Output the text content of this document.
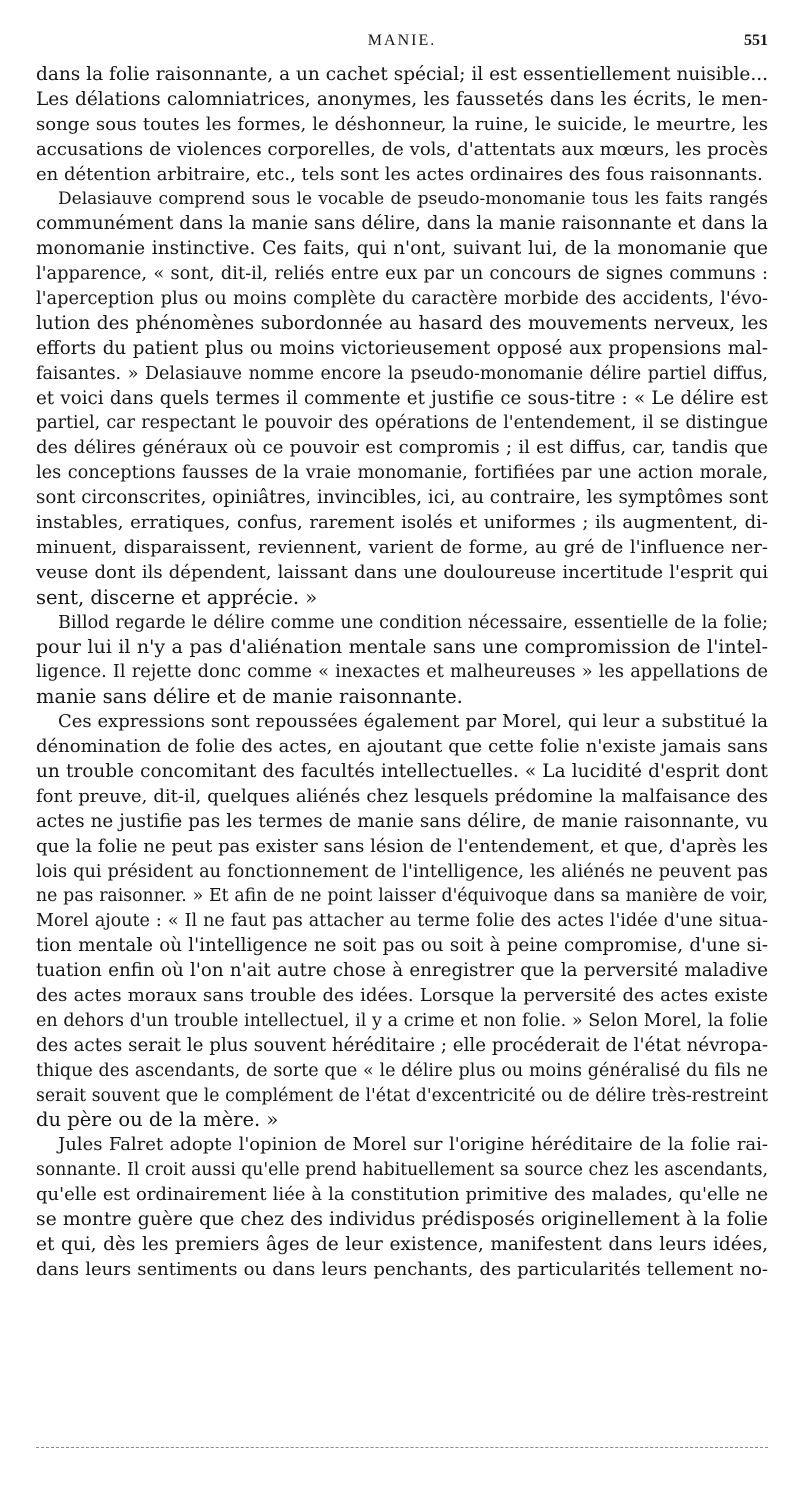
MANIE.	551
dans la folie raisonnante, a un cachet spécial; il est essentiellement nuisible...
Les délations calomniatrices, anonymes, les faussetés dans les écrits, le men-
songe sous toutes les formes, le déshonneur, la ruine, le suicide, le meurtre, les
accusations de violences corporelles, de vols, d'attentats aux mœurs, les procès
en détention arbitraire, etc., tels sont les actes ordinaires des fous raisonnants.
Delasiauve comprend sous le vocable de pseudo-monomanie tous les faits rangés
communément dans la manie sans délire, dans la manie raisonnante et dans la
monomanie instinctive. Ces faits, qui n'ont, suivant lui, de la monomanie que
l'apparence, « sont, dit-il, reliés entre eux par un concours de signes communs :
l'aperception plus ou moins complète du caractère morbide des accidents, l'évo-
lution des phénomènes subordonnée au hasard des mouvements nerveux, les
efforts du patient plus ou moins victorieusement opposé aux propensions mal-
faisantes. » Delasiauve nomme encore la pseudo-monomanie délire partiel diffus,
et voici dans quels termes il commente et justifie ce sous-titre : « Le délire est
partiel, car respectant le pouvoir des opérations de l'entendement, il se distingue
des délires généraux où ce pouvoir est compromis ; il est diffus, car, tandis que
les conceptions fausses de la vraie monomanie, fortifiées par une action morale,
sont circonscrites, opiniâtres, invincibles, ici, au contraire, les symptômes sont
instables, erratiques, confus, rarement isolés et uniformes ; ils augmentent, di-
minuent, disparaissent, reviennent, varient de forme, au gré de l'influence ner-
veuse dont ils dépendent, laissant dans une douloureuse incertitude l'esprit qui
sent, discerne et apprécie. »
Billod regarde le délire comme une condition nécessaire, essentielle de la folie;
pour lui il n'y a pas d'aliénation mentale sans une compromission de l'intel-
ligence. Il rejette donc comme « inexactes et malheureuses » les appellations de
manie sans délire et de manie raisonnante.
Ces expressions sont repoussées également par Morel, qui leur a substitué la
dénomination de folie des actes, en ajoutant que cette folie n'existe jamais sans
un trouble concomitant des facultés intellectuelles. « La lucidité d'esprit dont
font preuve, dit-il, quelques aliénés chez lesquels prédomine la malfaisance des
actes ne justifie pas les termes de manie sans délire, de manie raisonnante, vu
que la folie ne peut pas exister sans lésion de l'entendement, et que, d'après les
lois qui président au fonctionnement de l'intelligence, les aliénés ne peuvent pas
ne pas raisonner. » Et afin de ne point laisser d'équivoque dans sa manière de voir,
Morel ajoute : « Il ne faut pas attacher au terme folie des actes l'idée d'une situa-
tion mentale où l'intelligence ne soit pas ou soit à peine compromise, d'une si-
tuation enfin où l'on n'ait autre chose à enregistrer que la perversité maladive
des actes moraux sans trouble des idées. Lorsque la perversité des actes existe
en dehors d'un trouble intellectuel, il y a crime et non folie. » Selon Morel, la folie
des actes serait le plus souvent héréditaire ; elle procéderait de l'état névropa-
thique des ascendants, de sorte que « le délire plus ou moins généralisé du fils ne
serait souvent que le complément de l'état d'excentricité ou de délire très-restreint
du père ou de la mère. »
Jules Falret adopte l'opinion de Morel sur l'origine héréditaire de la folie rai-
sonnante. Il croit aussi qu'elle prend habituellement sa source chez les ascendants,
qu'elle est ordinairement liée à la constitution primitive des malades, qu'elle ne
se montre guère que chez des individus prédisposés originellement à la folie
et qui, dès les premiers âges de leur existence, manifestent dans leurs idées,
dans leurs sentiments ou dans leurs penchants, des particularités tellement no-
